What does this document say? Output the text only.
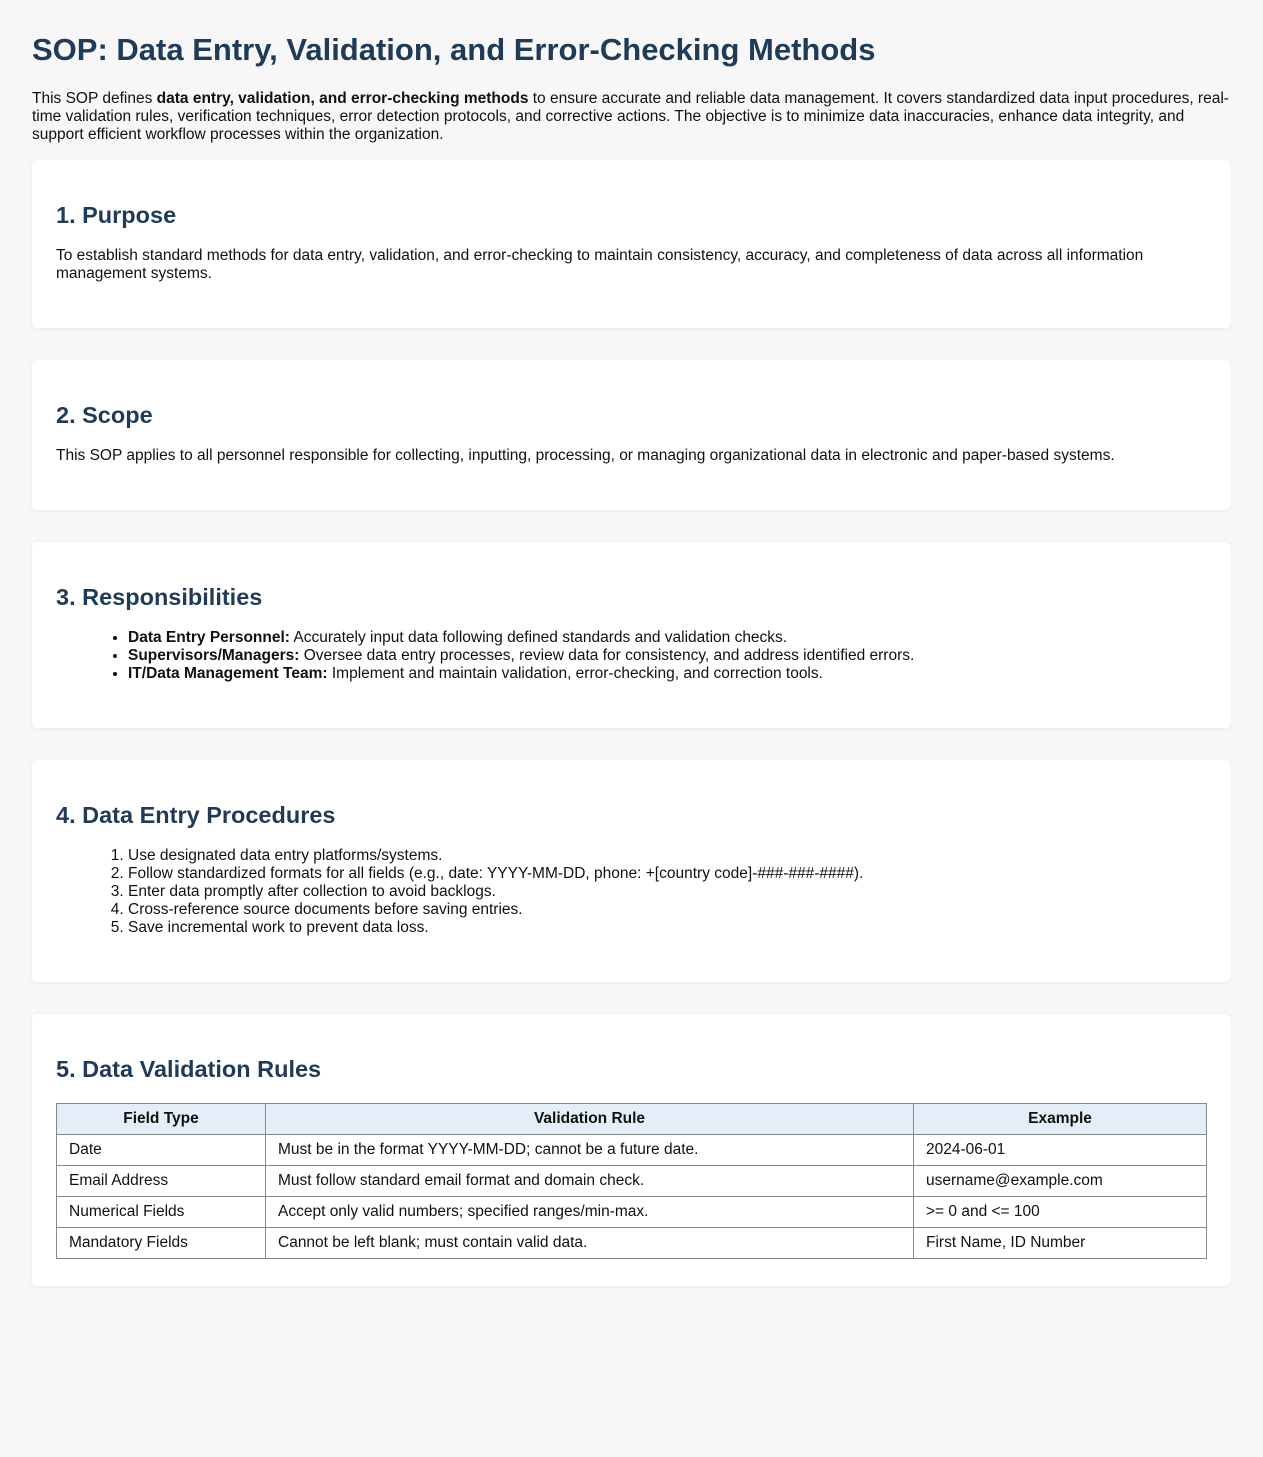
SOP: Data Entry, Validation, and Error-Checking Methods

This SOP defines data entry, validation, and error-checking methods to ensure accurate and reliable data management. It covers standardized data input procedures, real-time validation rules, verification techniques, error detection protocols, and corrective actions. The objective is to minimize data inaccuracies, enhance data integrity, and support efficient workflow processes within the organization.

1. Purpose

To establish standard methods for data entry, validation, and error-checking to maintain consistency, accuracy, and completeness of data across all information management systems.

2. Scope

This SOP applies to all personnel responsible for collecting, inputting, processing, or managing organizational data in electronic and paper-based systems.

3. Responsibilities
• Data Entry Personnel: Accurately input data following defined standards and validation checks.
• Supervisors/Managers: Oversee data entry processes, review data for consistency, and address identified errors.
• IT/Data Management Team: Implement and maintain validation, error-checking, and correction tools.
4. Data Entry Procedures
1. Use designated data entry platforms/systems.
2. Follow standardized formats for all fields (e.g., date: YYYY-MM-DD, phone: +[country code]-###-###-####).
3. Enter data promptly after collection to avoid backlogs.
4. Cross-reference source documents before saving entries.
5. Save incremental work to prevent data loss.
5. Data Validation Rules
Field Type	Validation Rule	Example
Date	Must be in the format YYYY-MM-DD; cannot be a future date.	2024-06-01
Email Address	Must follow standard email format and domain check.	username@example.com
Numerical Fields	Accept only valid numbers; specified ranges/min-max.	>= 0 and <= 100
Mandatory Fields	Cannot be left blank; must contain valid data.	First Name, ID Number
